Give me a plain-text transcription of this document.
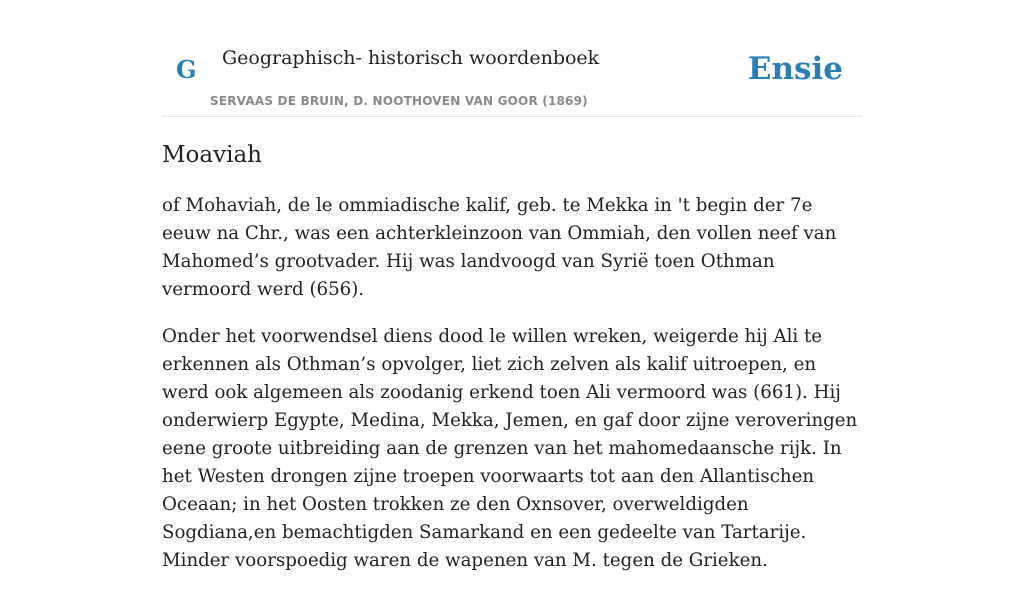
G Geographisch- historisch woordenboek
SERVAAS DE BRUIN, D. NOOTHOVEN VAN GOOR (1869)
Ensie
Moaviah

of Mohaviah, de le ommiadische kalif, geb. te Mekka in 't begin der 7e eeuw na Chr., was een achterkleinzoon van Ommiah, den vollen neef van Mahomed’s grootvader. Hij was landvoogd van Syrië toen Othman vermoord werd (656).

Onder het voorwendsel diens dood le willen wreken, weigerde hij Ali te erkennen als Othman’s opvolger, liet zich zelven als kalif uitroepen, en werd ook algemeen als zoodanig erkend toen Ali vermoord was (661). Hij onderwierp Egypte, Medina, Mekka, Jemen, en gaf door zijne veroveringen eene groote uitbreiding aan de grenzen van het mahomedaansche rijk. In het Westen drongen zijne troepen voorwaarts tot aan den Allantischen Oceaan; in het Oosten trokken ze den Oxnsover, overweldigden Sogdiana,en bemachtigden Samarkand en een gedeelte van Tartarije. Minder voorspoedig waren de wapenen van M. tegen de Grieken.
